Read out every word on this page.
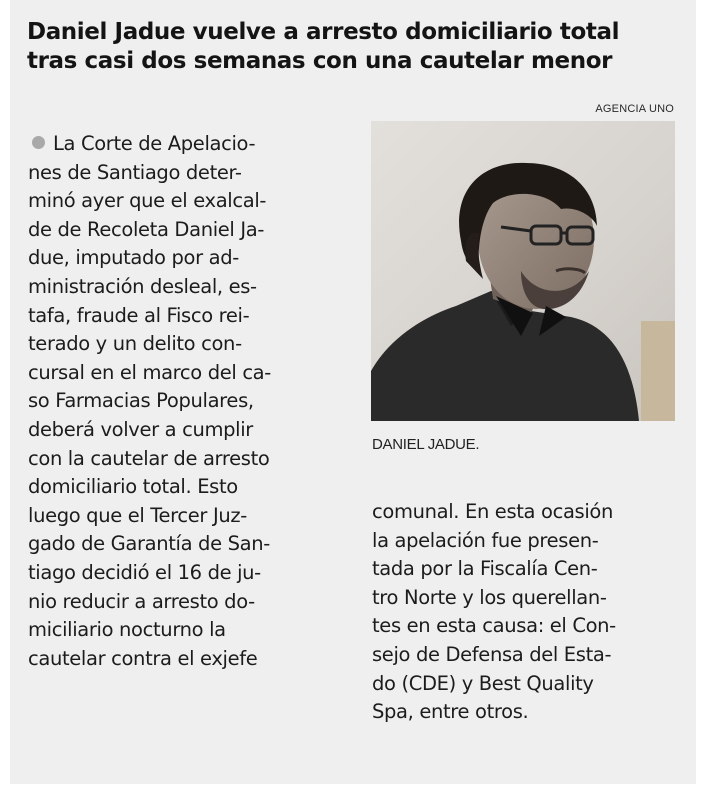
Daniel Jadue vuelve a arresto domiciliario total
tras casi dos semanas con una cautelar menor
AGENCIA UNO
DANIEL JADUE.
La Corte de Apelacio-
nes de Santiago deter-
minó ayer que el exalcal-
de de Recoleta Daniel Ja-
due, imputado por ad-
ministración desleal, es-
tafa, fraude al Fisco rei-
terado y un delito con-
cursal en el marco del ca-
so Farmacias Populares,
deberá volver a cumplir
con la cautelar de arresto
domiciliario total. Esto
luego que el Tercer Juz-
gado de Garantía de San-
tiago decidió el 16 de ju-
nio reducir a arresto do-
miciliario nocturno la
cautelar contra el exjefe
comunal. En esta ocasión
la apelación fue presen-
tada por la Fiscalía Cen-
tro Norte y los querellan-
tes en esta causa: el Con-
sejo de Defensa del Esta-
do (CDE) y Best Quality
Spa, entre otros.
